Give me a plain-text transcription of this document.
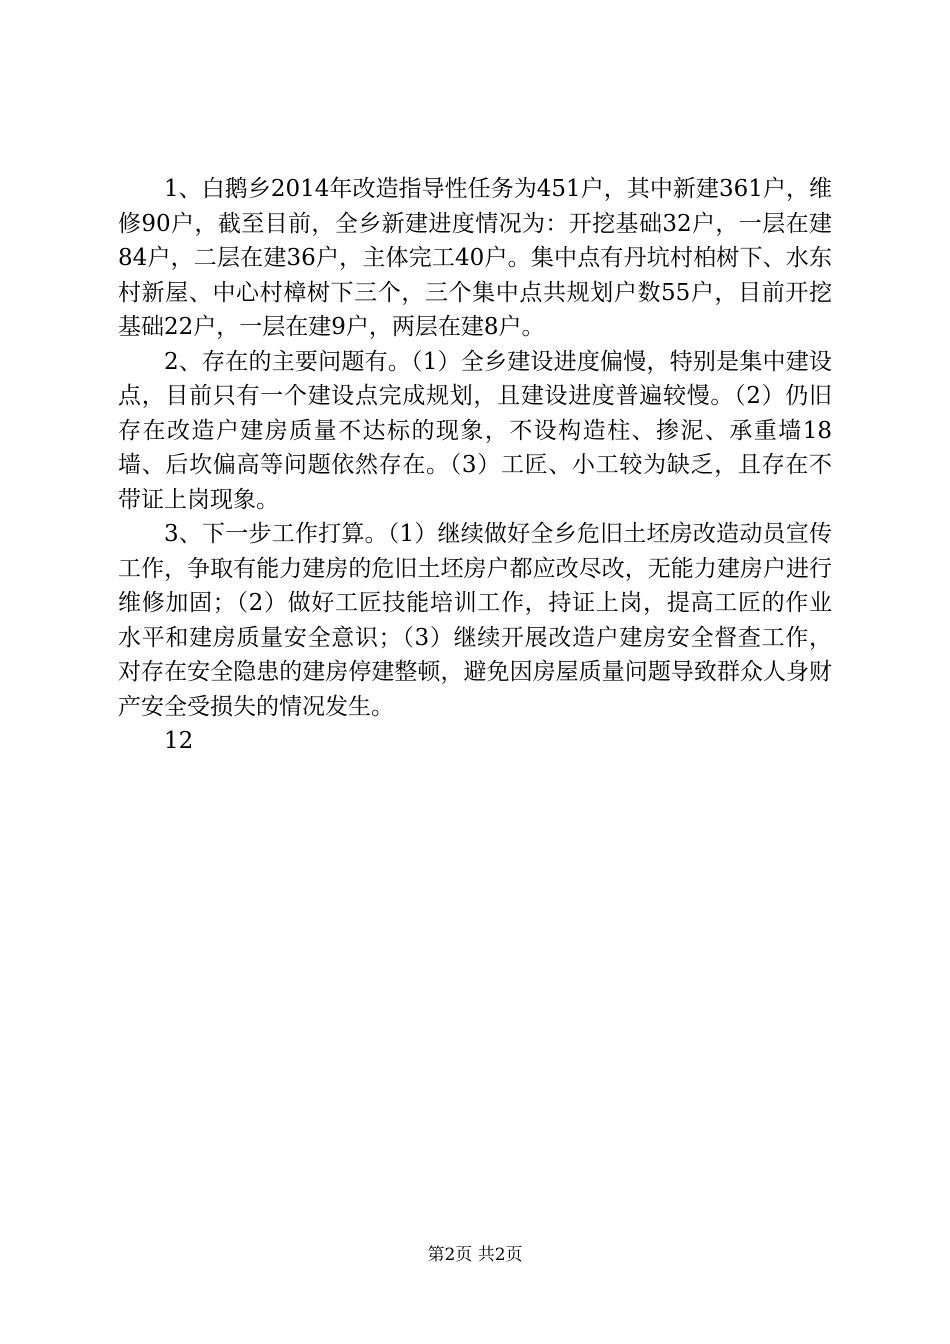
1、白鹅乡2014年改造指导性任务为451户，其中新建361户，维修90户，截至目前，全乡新建进度情况为：开挖基础32户，一层在建84户，二层在建36户，主体完工40户。集中点有丹坑村柏树下、水东村新屋、中心村樟树下三个，三个集中点共规划户数55户，目前开挖基础22户，一层在建9户，两层在建8户。

2、存在的主要问题有。（1）全乡建设进度偏慢，特别是集中建设点，目前只有一个建设点完成规划，且建设进度普遍较慢。（2）仍旧存在改造户建房质量不达标的现象，不设构造柱、掺泥、承重墙18墙、后坎偏高等问题依然存在。（3）工匠、小工较为缺乏，且存在不带证上岗现象。

3、下一步工作打算。（1）继续做好全乡危旧土坯房改造动员宣传工作，争取有能力建房的危旧土坯房户都应改尽改，无能力建房户进行维修加固；（2）做好工匠技能培训工作，持证上岗，提高工匠的作业水平和建房质量安全意识；（3）继续开展改造户建房安全督查工作，对存在安全隐患的建房停建整顿，避免因房屋质量问题导致群众人身财产安全受损失的情况发生。

12

第2页 共2页
